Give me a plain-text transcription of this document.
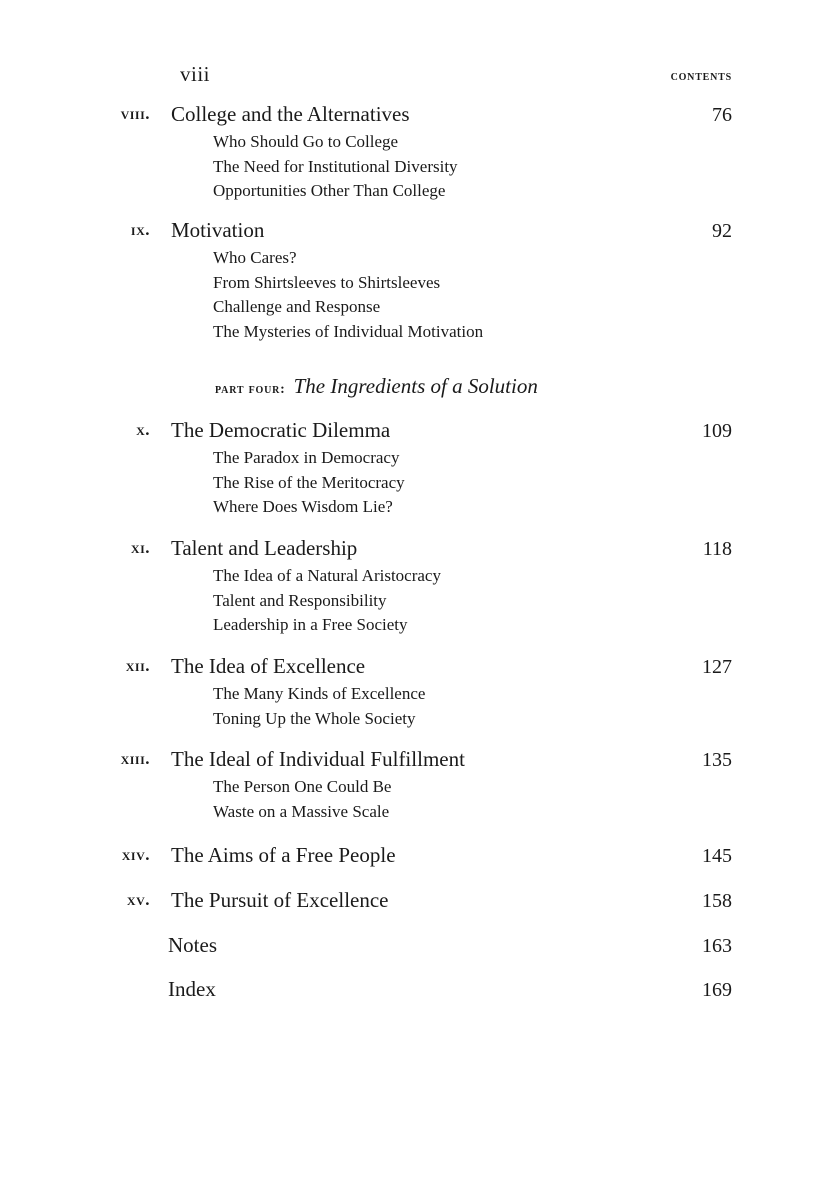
viii	contents
viii. College and the Alternatives	76
Who Should Go to College
The Need for Institutional Diversity
Opportunities Other Than College
ix. Motivation	92
Who Cares?
From Shirtsleeves to Shirtsleeves
Challenge and Response
The Mysteries of Individual Motivation
part four: The Ingredients of a Solution
x. The Democratic Dilemma	109
The Paradox in Democracy
The Rise of the Meritocracy
Where Does Wisdom Lie?
xi. Talent and Leadership	118
The Idea of a Natural Aristocracy
Talent and Responsibility
Leadership in a Free Society
xii. The Idea of Excellence	127
The Many Kinds of Excellence
Toning Up the Whole Society
xiii. The Ideal of Individual Fulfillment	135
The Person One Could Be
Waste on a Massive Scale
xiv. The Aims of a Free People	145
xv. The Pursuit of Excellence	158
Notes	163
Index	169
